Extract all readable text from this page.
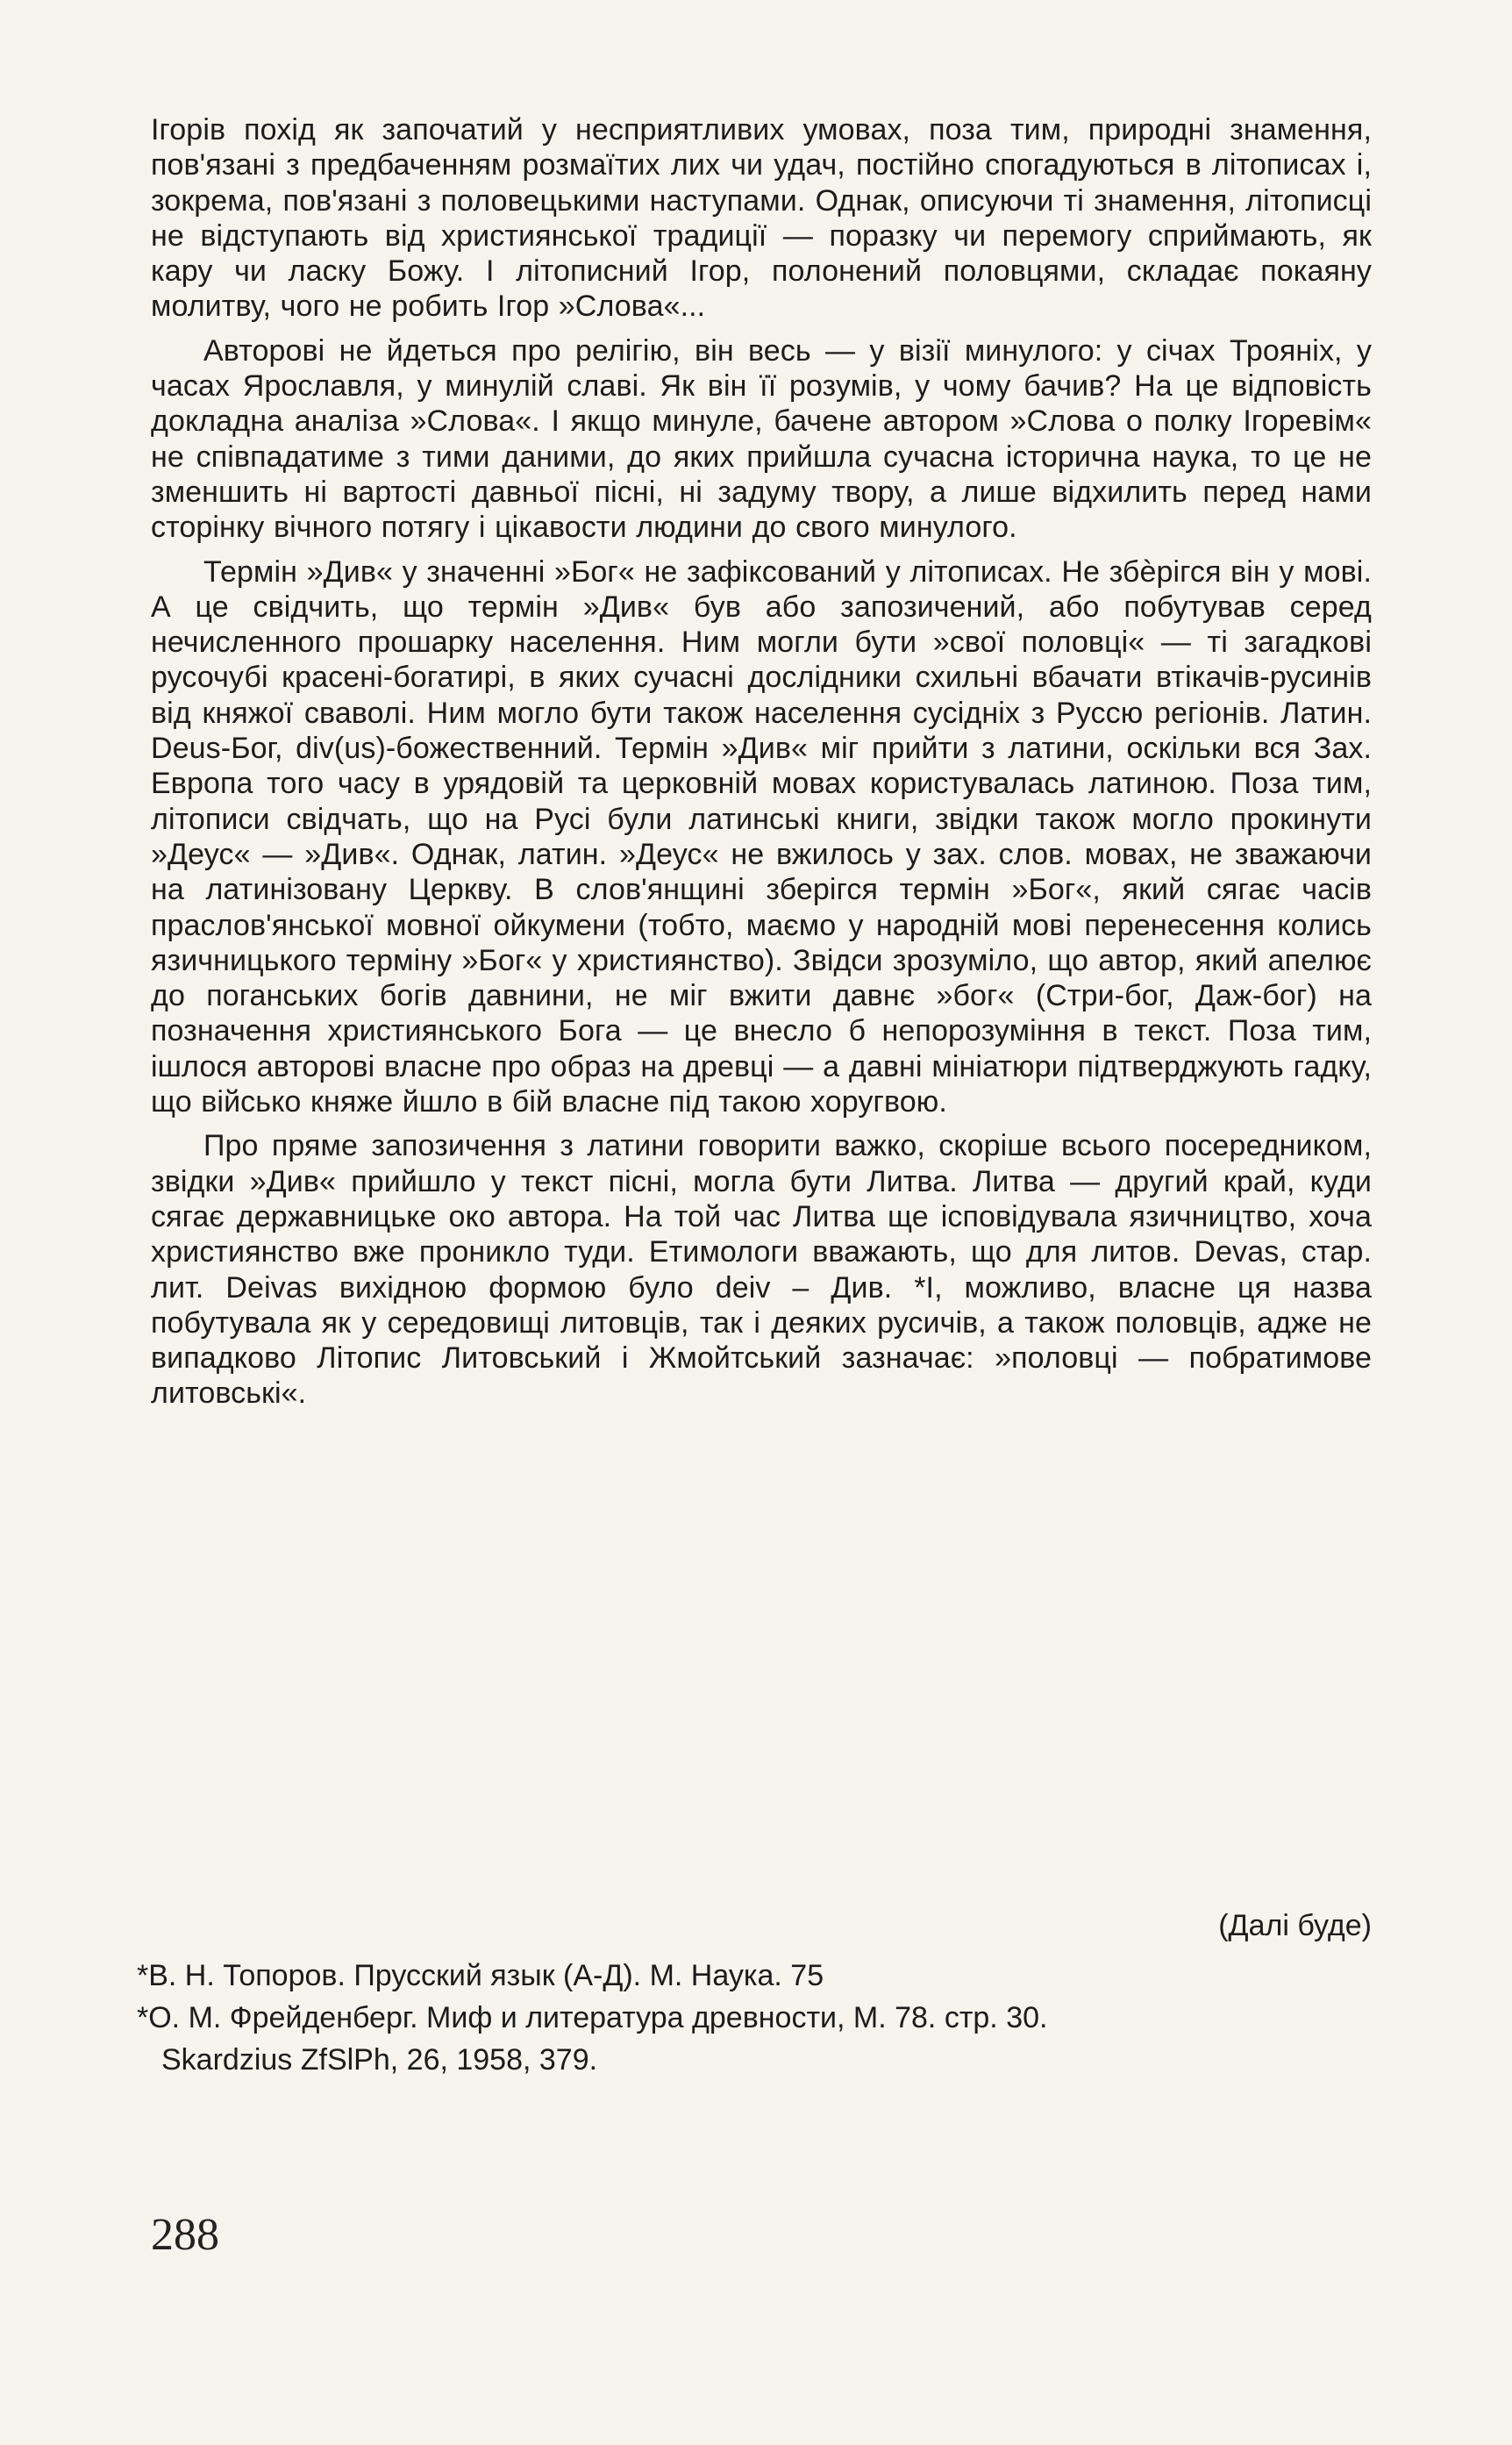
Ігорів похід як започатий у несприятливих умовах, поза тим, природні знамення, пов'язані з предбаченням розмаїтих лих чи удач, постійно спогадуються в літописах і, зокрема, пов'язані з половецькими наступами. Однак, описуючи ті знамення, літописці не відступають від християнської традиції — поразку чи перемогу сприймають, як кару чи ласку Божу. І літописний Ігор, полонений половцями, складає покаяну молитву, чого не робить Ігор »Слова«...

Авторові не йдеться про релігію, він весь — у візії минулого: у січах Трояніх, у часах Ярославля, у минулій славі. Як він її розумів, у чому бачив? На це відповість докладна аналіза »Слова«. І якщо минуле, бачене автором »Слова о полку Ігоревім« не співпадатиме з тими даними, до яких прийшла сучасна історична наука, то це не зменшить ні вартості давньої пісні, ні задуму твору, а лише відхилить перед нами сторінку вічного потягу і цікавости людини до свого минулого.

Термін »Див« у значенні »Бог« не зафіксований у літописах. Не збѐрігся він у мові. А це свідчить, що термін »Див« був або запозичений, або побутував серед нечисленного прошарку населення. Ним могли бути »свої половці« — ті загадкові русочубі красені-богатирі, в яких сучасні дослідники схильні вбачати втікачів-русинів від княжої сваволі. Ним могло бути також населення сусідніх з Руссю регіонів. Латин. Deus-Бог, div(us)-божественний. Термін »Див« міг прийти з латини, оскільки вся Зах. Европа того часу в урядовій та церковній мовах користувалась латиною. Поза тим, літописи свідчать, що на Русі були латинські книги, звідки також могло прокинути »Деус« — »Див«. Однак, латин. »Деус« не вжилось у зах. слов. мовах, не зважаючи на латинізовану Церкву. В слов'янщині зберігся термін »Бог«, який сягає часів праслов'янської мовної ойкумени (тобто, маємо у народній мові перенесення колись язичницького терміну »Бог« у християнство). Звідси зрозуміло, що автор, який апелює до поганських богів давнини, не міг вжити давнє »бог« (Стри-бог, Даж-бог) на позначення християнського Бога — це внесло б непорозуміння в текст. Поза тим, ішлося авторові власне про образ на древці — а давні мініатюри підтверджують гадку, що військо княже йшло в бій власне під такою хоругвою.

Про пряме запозичення з латини говорити важко, скоріше всього посередником, звідки »Див« прийшло у текст пісні, могла бути Литва. Литва — другий край, куди сягає державницьке око автора. На той час Литва ще ісповідувала язичництво, хоча християнство вже проникло туди. Етимологи вважають, що для литов. Devas, стар. лит. Deivas вихідною формою було deiv – Див. *І, можливо, власне ця назва побутувала як у середовищі литовців, так і деяких русичів, а також половців, адже не випадково Літопис Литовський і Жмойтський зазначає: »половці — побратимове литовські«.

(Далі буде)

*В. Н. Топоров. Прусский язык (А-Д). М. Наука. 75

*О. М. Фрейденберг. Миф и литература древности, М. 78. стр. 30.

Skardzius ZfSlPh, 26, 1958, 379.

288
